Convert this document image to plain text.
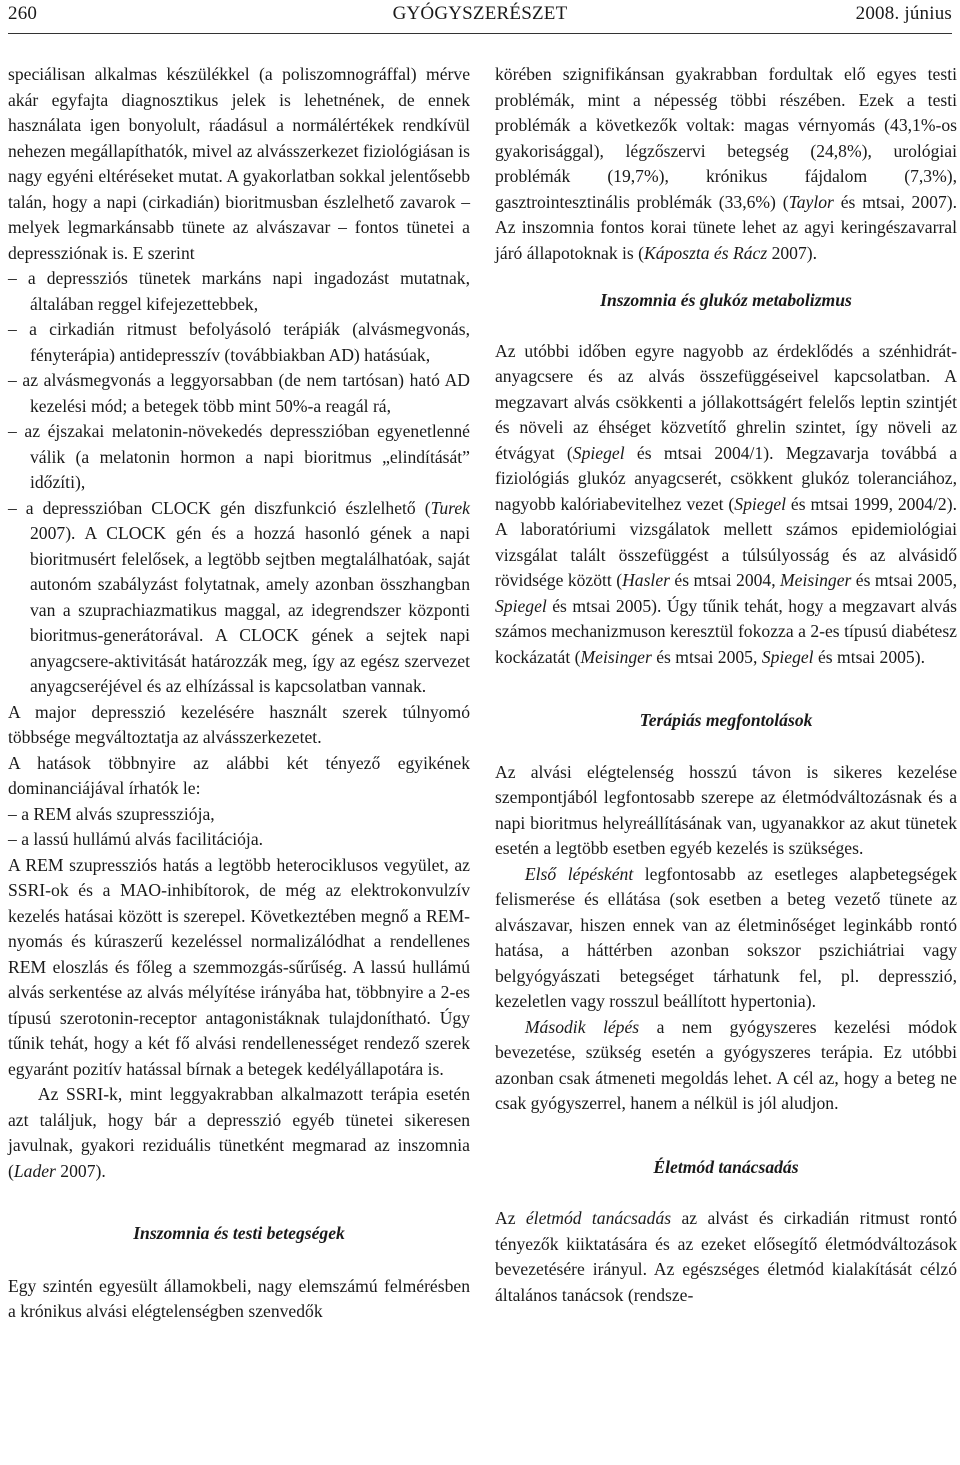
260	GYÓGYSZERÉSZET	2008. június

speciálisan alkalmas készülékkel (a poliszomnográffal) mérve akár egyfajta diagnosztikus jelek is lehetnének, de ennek használata igen bonyolult, ráadásul a normálértékek rendkívül nehezen megállapíthatók, mivel az alvásszerkezet fiziológiásan is nagy egyéni eltéréseket mutat. A gyakorlatban sokkal jelentősebb talán, hogy a napi (cirkadián) bioritmusban észlelhető zavarok – melyek legmarkánsabb tünete az alvászavar – fontos tünetei a depressziónak is. E szerint

– a depressziós tünetek markáns napi ingadozást mutatnak, általában reggel kifejezettebbek,

– a cirkadián ritmust befolyásoló terápiák (alvásmegvonás, fényterápia) antidepresszív (továbbiakban AD) hatásúak,

– az alvásmegvonás a leggyorsabban (de nem tartósan) ható AD kezelési mód; a betegek több mint 50%-a reagál rá,

– az éjszakai melatonin-növekedés depresszióban egyenetlenné válik (a melatonin hormon a napi bioritmus „elindítását” időzíti),

– a depresszióban CLOCK gén diszfunkció észlelhető (Turek 2007). A CLOCK gén és a hozzá hasonló gének a napi bioritmusért felelősek, a legtöbb sejtben megtalálhatóak, saját autonóm szabályzást folytatnak, amely azonban összhangban van a szuprachiazmatikus maggal, az idegrendszer központi bioritmus-generátorával. A CLOCK gének a sejtek napi anyagcsere-aktivitását határozzák meg, így az egész szervezet anyagcseréjével és az elhízással is kapcsolatban vannak.

A major depresszió kezelésére használt szerek túlnyomó többsége megváltoztatja az alvásszerkezetet.

A hatások többnyire az alábbi két tényező egyikének dominanciájával írhatók le:

– a REM alvás szupressziója,

– a lassú hullámú alvás facilitációja.

A REM szupressziós hatás a legtöbb heterociklusos vegyület, az SSRI-ok és a MAO-inhibítorok, de még az elektrokonvulzív kezelés hatásai között is szerepel. Következtében megnő a REM-nyomás és kúraszerű kezeléssel normalizálódhat a rendellenes REM eloszlás és főleg a szemmozgás-sűrűség. A lassú hullámú alvás serkentése az alvás mélyítése irányába hat, többnyire a 2-es típusú szerotonin-receptor antagonistáknak tulajdonítható. Úgy tűnik tehát, hogy a két fő alvási rendellenességet rendező szerek egyaránt pozitív hatással bírnak a betegek kedélyállapotára is.

Az SSRI-k, mint leggyakrabban alkalmazott terápia esetén azt találjuk, hogy bár a depresszió egyéb tünetei sikeresen javulnak, gyakori reziduális tünetként megmarad az inszomnia (Lader 2007).

Inszomnia és testi betegségek

Egy szintén egyesült államokbeli, nagy elemszámú felmérésben a krónikus alvási elégtelenségben szenvedők

körében szignifikánsan gyakrabban fordultak elő egyes testi problémák, mint a népesség többi részében. Ezek a testi problémák a következők voltak: magas vérnyomás (43,1%-os gyakorisággal), légzőszervi betegség (24,8%), urológiai problémák (19,7%), krónikus fájdalom (7,3%), gasztrointesztinális problémák (33,6%) (Taylor és mtsai, 2007). Az inszomnia fontos korai tünete lehet az agyi keringészavarral járó állapotoknak is (Káposzta és Rácz 2007).

Inszomnia és glukóz metabolizmus

Az utóbbi időben egyre nagyobb az érdeklődés a szénhidrát-anyagcsere és az alvás összefüggéseivel kapcsolatban. A megzavart alvás csökkenti a jóllakottságért felelős leptin szintjét és növeli az éhséget közvetítő ghrelin szintet, így növeli az étvágyat (Spiegel és mtsai 2004/1). Megzavarja továbbá a fiziológiás glukóz anyagcserét, csökkent glukóz toleranciához, nagyobb kalóriabevitelhez vezet (Spiegel és mtsai 1999, 2004/2). A laboratóriumi vizsgálatok mellett számos epidemiológiai vizsgálat talált összefüggést a túlsúlyosság és az alvásidő rövidsége között (Hasler és mtsai 2004, Meisinger és mtsai 2005, Spiegel és mtsai 2005). Úgy tűnik tehát, hogy a megzavart alvás számos mechanizmuson keresztül fokozza a 2-es típusú diabétesz kockázatát (Meisinger és mtsai 2005, Spiegel és mtsai 2005).

Terápiás megfontolások

Az alvási elégtelenség hosszú távon is sikeres kezelése szempontjából legfontosabb szerepe az életmódváltozásnak és a napi bioritmus helyreállításának van, ugyanakkor az akut tünetek esetén a legtöbb esetben egyéb kezelés is szükséges.

Első lépésként legfontosabb az esetleges alapbetegségek felismerése és ellátása (sok esetben a beteg vezető tünete az alvászavar, hiszen ennek van az életminőséget leginkább rontó hatása, a háttérben azonban sokszor pszichiátriai vagy belgyógyászati betegséget tárhatunk fel, pl. depresszió, kezeletlen vagy rosszul beállított hypertonia).

Második lépés a nem gyógyszeres kezelési módok bevezetése, szükség esetén a gyógyszeres terápia. Ez utóbbi azonban csak átmeneti megoldás lehet. A cél az, hogy a beteg ne csak gyógyszerrel, hanem a nélkül is jól aludjon.

Életmód tanácsadás

Az életmód tanácsadás az alvást és cirkadián ritmust rontó tényezők kiiktatására és az ezeket elősegítő életmódváltozások bevezetésére irányul. Az egészséges életmód kialakítását célzó általános tanácsok (rendsze-
